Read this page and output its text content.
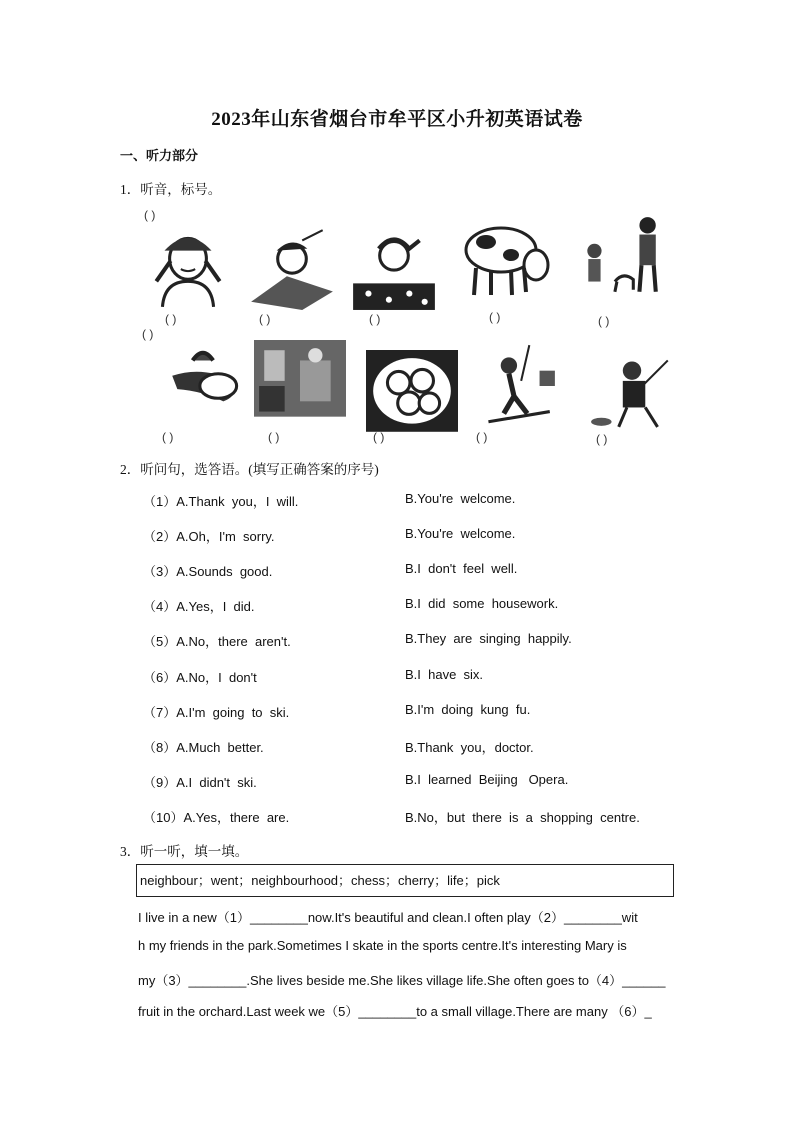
2023年山东省烟台市牟平区小升初英语试卷
一、听力部分
1．听音，标号。
( )
( )	( )	( )	( )	( )
( )
( )	( )	( )	( )	( )
2．听问句，选答语。(填写正确答案的序号)
（1）A.Thank  you，I  will.	B.You're  welcome.
（2）A.Oh，I'm  sorry.	B.You're  welcome.
（3）A.Sounds  good.	B.I  don't  feel  well.
（4）A.Yes，I  did.	B.I  did  some  housework.
（5）A.No，there  aren't.	B.They  are  singing  happily.
（6）A.No，I  don't	B.I  have  six.
（7）A.I'm  going  to  ski.	B.I'm  doing  kung  fu.
（8）A.Much  better.	B.Thank  you，doctor.
（9）A.I  didn't  ski.	B.I  learned  Beijing   Opera.
（10）A.Yes，there  are.	B.No，but  there  is  a  shopping  centre.
3．听一听，填一填。
neighbour；went；neighbourhood；chess；cherry；life；pick
I live in a new（1）________now.It's beautiful and clean.I often play（2）________wit
h my friends in the park.Sometimes I skate in the sports centre.It's interesting Mary is
my（3）________.She lives beside me.She likes village life.She often goes to（4）______
fruit in the orchard.Last week we（5）________to a small village.There are many （6）_
